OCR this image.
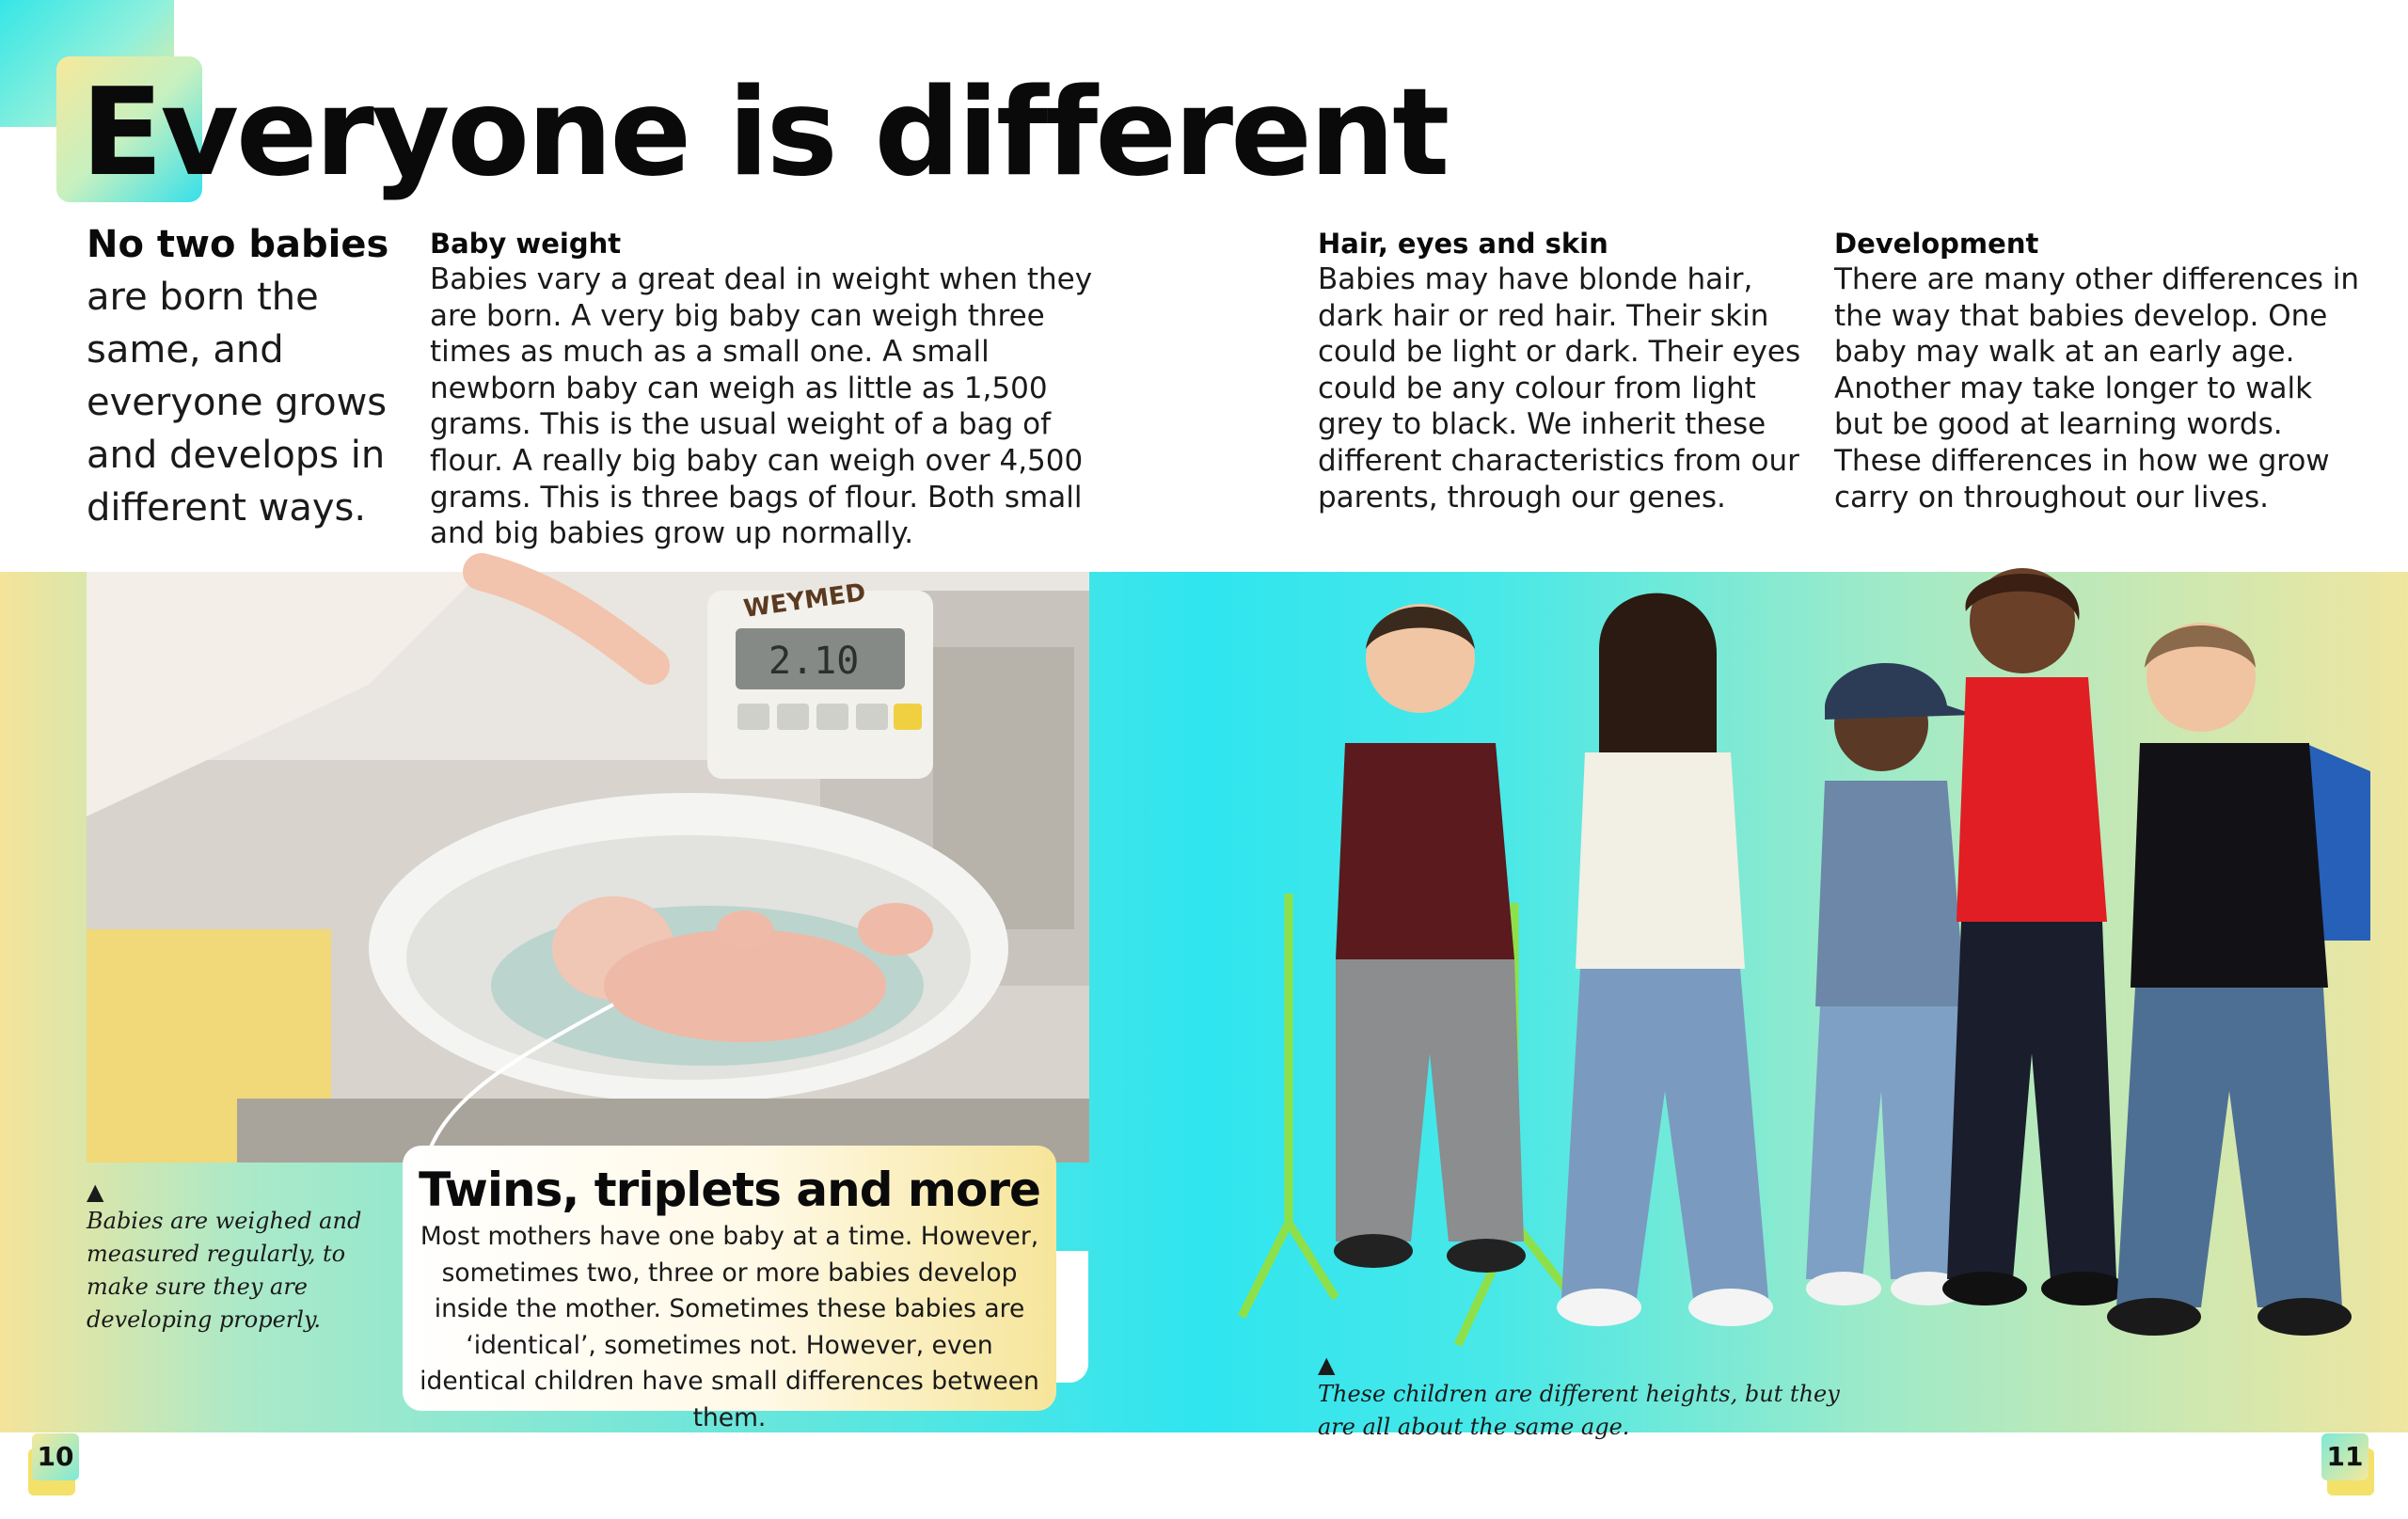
Everyone is different
No two babies are born the same, and everyone grows and develops in different ways.
Baby weight

Babies vary a great deal in weight when they are born. A very big baby can weigh three times as much as a small one. A small newborn baby can weigh as little as 1,500 grams. This is the usual weight of a bag of flour. A really big baby can weigh over 4,500 grams. This is three bags of flour. Both small and big babies grow up normally.

Hair, eyes and skin

Babies may have blonde hair, dark hair or red hair. Their skin could be light or dark. Their eyes could be any colour from light grey to black. We inherit these different characteristics from our parents, through our genes.

Development

There are many other differences in the way that babies develop. One baby may walk at an early age. Another may take longer to walk but be good at learning words. These differences in how we grow carry on throughout our lives.

WEYMED
2.10
▲
Babies are weighed and measured regularly, to make sure they are developing properly.
Twins, triplets and more

Most mothers have one baby at a time. However, sometimes two, three or more babies develop inside the mother. Sometimes these babies are ‘identical’, sometimes not. However, even identical children have small differences between them.

▲
These children are different heights, but they are all about the same age.
10	11
